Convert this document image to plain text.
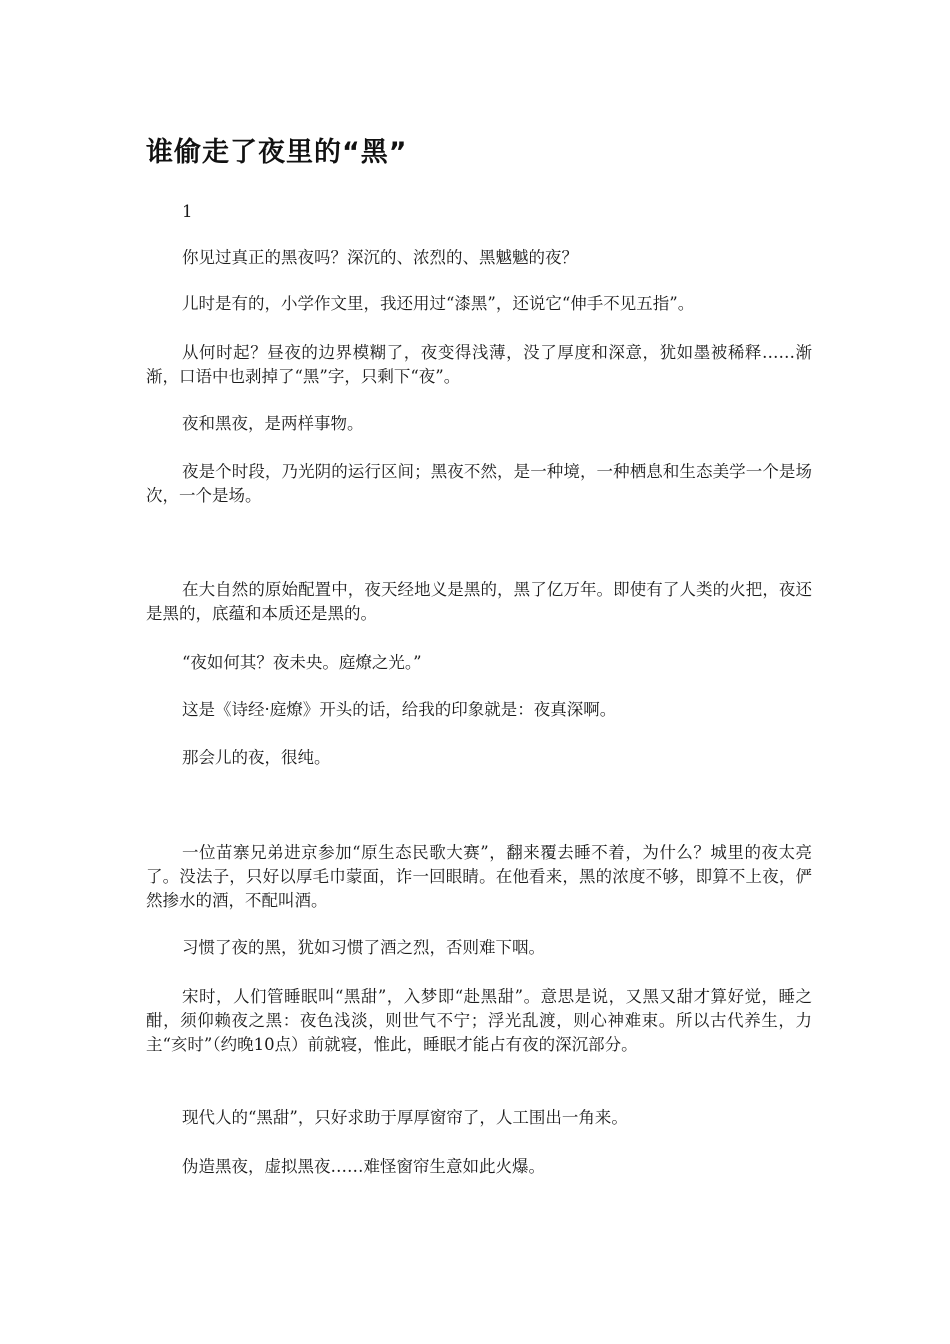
谁偷走了夜里的“黑”

1

你见过真正的黑夜吗？深沉的、浓烈的、黑魆魆的夜？

儿时是有的，小学作文里，我还用过“漆黑”，还说它“伸手不见五指”。

从何时起？昼夜的边界模糊了，夜变得浅薄，没了厚度和深意，犹如墨被稀释……渐渐，口语中也剥掉了“黑”字，只剩下“夜”。

夜和黑夜，是两样事物。

夜是个时段，乃光阴的运行区间；黑夜不然，是一种境，一种栖息和生态美学一个是场次，一个是场。

在大自然的原始配置中，夜天经地义是黑的，黑了亿万年。即使有了人类的火把，夜还是黑的，底蕴和本质还是黑的。

“夜如何其？夜未央。庭燎之光。”

这是《诗经·庭燎》开头的话，给我的印象就是：夜真深啊。

那会儿的夜，很纯。

一位苗寨兄弟进京参加“原生态民歌大赛”，翻来覆去睡不着，为什么？城里的夜太亮了。没法子，只好以厚毛巾蒙面，诈一回眼睛。在他看来，黑的浓度不够，即算不上夜，俨然掺水的酒，不配叫酒。

习惯了夜的黑，犹如习惯了酒之烈，否则难下咽。

宋时，人们管睡眠叫“黑甜”，入梦即“赴黑甜”。意思是说，又黑又甜才算好觉，睡之酣，须仰赖夜之黑：夜色浅淡，则世气不宁；浮光乱渡，则心神难束。所以古代养生，力主“亥时”（约晚10点）前就寝，惟此，睡眠才能占有夜的深沉部分。

现代人的“黑甜”，只好求助于厚厚窗帘了，人工围出一角来。

伪造黑夜，虚拟黑夜……难怪窗帘生意如此火爆。
